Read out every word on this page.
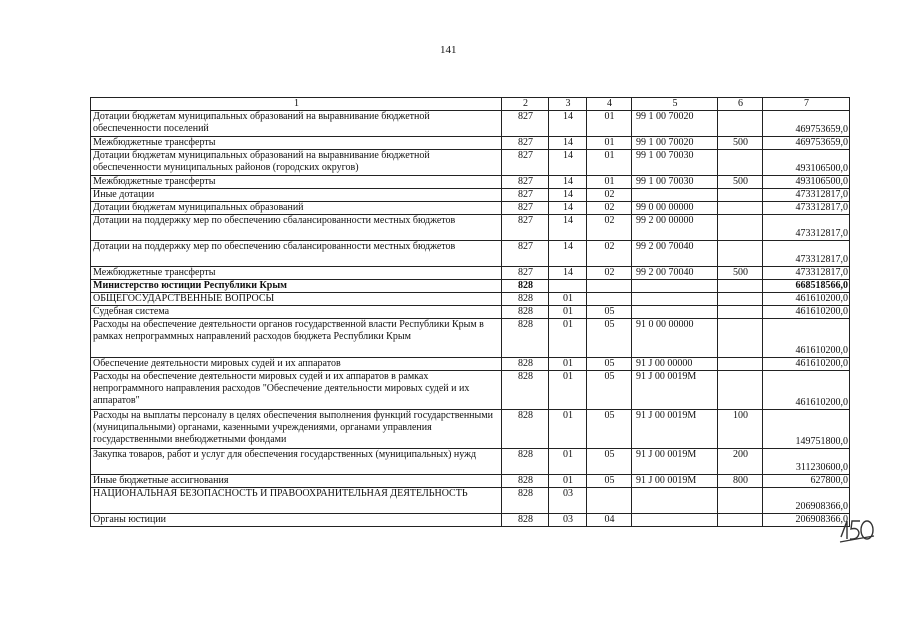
141
1	2	3	4	5	6	7
Дотации бюджетам муниципальных образований на выравнивание бюджетной обеспеченности поселений	827	14	01	99 1 00 70020		469753659,0
Межбюджетные трансферты	827	14	01	99 1 00 70020	500	469753659,0
Дотации бюджетам муниципальных образований на выравнивание бюджетной обеспеченности муниципальных районов (городских округов)	827	14	01	99 1 00 70030		493106500,0
Межбюджетные трансферты	827	14	01	99 1 00 70030	500	493106500,0
Иные дотации	827	14	02			473312817,0
Дотации бюджетам муниципальных образований	827	14	02	99 0 00 00000		473312817,0
Дотации на поддержку мер по обеспечению сбалансированности местных бюджетов	827	14	02	99 2 00 00000		473312817,0
Дотации на поддержку мер по обеспечению сбалансированности местных бюджетов	827	14	02	99 2 00 70040		473312817,0
Межбюджетные трансферты	827	14	02	99 2 00 70040	500	473312817,0
Министерство юстиции Республики Крым	828					668518566,0
ОБЩЕГОСУДАРСТВЕННЫЕ ВОПРОСЫ	828	01				461610200,0
Судебная система	828	01	05			461610200,0
Расходы на обеспечение деятельности органов государственной власти Республики Крым в рамках непрограммных направлений расходов бюджета Республики Крым	828	01	05	91 0 00 00000		461610200,0
Обеспечение деятельности мировых судей и их аппаратов	828	01	05	91 J 00 00000		461610200,0
Расходы на обеспечение деятельности мировых судей и их аппаратов в рамках непрограммного направления расходов "Обеспечение деятельности мировых судей и их аппаратов"	828	01	05	91 J 00 0019M		461610200,0
Расходы на выплаты персоналу в целях обеспечения выполнения функций государственными (муниципальными) органами, казенными учреждениями, органами управления государственными внебюджетными фондами	828	01	05	91 J 00 0019M	100	149751800,0
Закупка товаров, работ и услуг для обеспечения государственных (муниципальных) нужд	828	01	05	91 J 00 0019M	200	311230600,0
Иные бюджетные ассигнования	828	01	05	91 J 00 0019M	800	627800,0
НАЦИОНАЛЬНАЯ БЕЗОПАСНОСТЬ И ПРАВООХРАНИТЕЛЬНАЯ ДЕЯТЕЛЬНОСТЬ	828	03				206908366,0
Органы юстиции	828	03	04			206908366,0
